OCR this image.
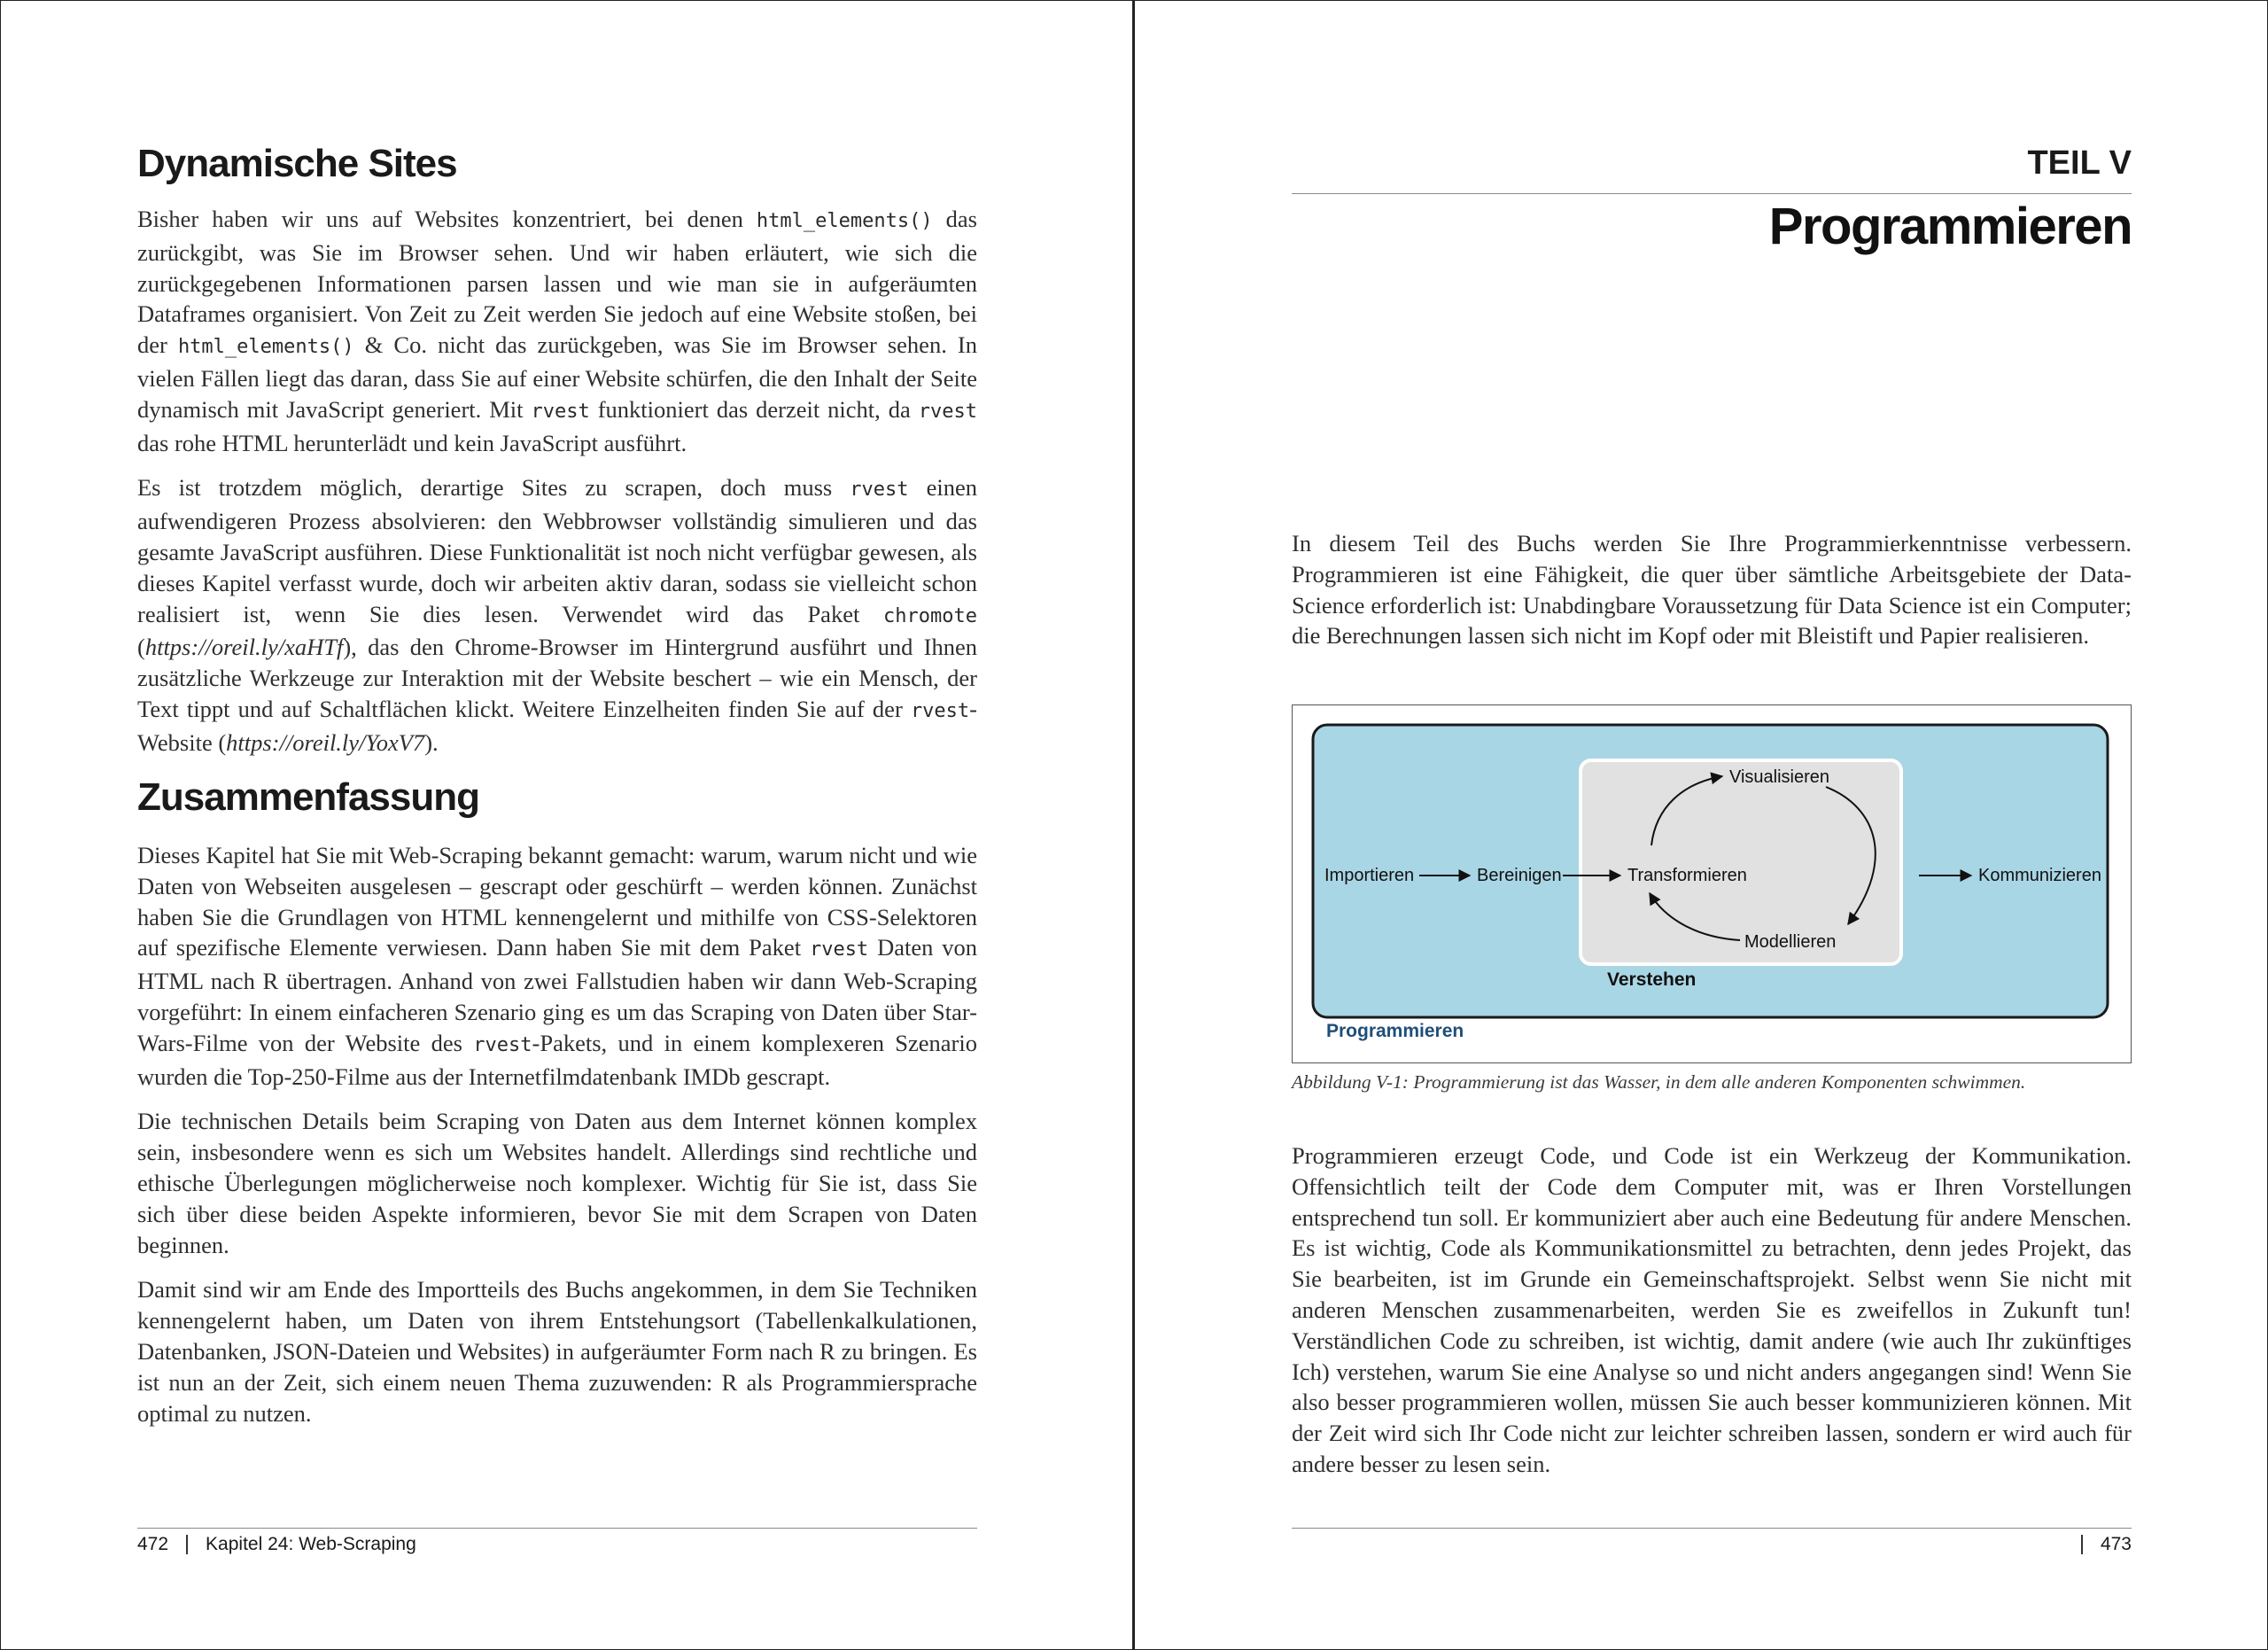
Dynamische Sites

Bisher haben wir uns auf Websites konzentriert, bei denen html_elements() das zurückgibt, was Sie im Browser sehen. Und wir haben erläutert, wie sich die zurückgegebenen Informationen parsen lassen und wie man sie in aufgeräumten Dataframes organisiert. Von Zeit zu Zeit werden Sie jedoch auf eine Website stoßen, bei der html_elements() & Co. nicht das zurückgeben, was Sie im Browser sehen. In vielen Fällen liegt das daran, dass Sie auf einer Website schürfen, die den Inhalt der Seite dynamisch mit JavaScript generiert. Mit rvest funktioniert das derzeit nicht, da rvest das rohe HTML herunterlädt und kein JavaScript ausführt.

Es ist trotzdem möglich, derartige Sites zu scrapen, doch muss rvest einen aufwendigeren Prozess absolvieren: den Webbrowser vollständig simulieren und das gesamte JavaScript ausführen. Diese Funktionalität ist noch nicht verfügbar gewesen, als dieses Kapitel verfasst wurde, doch wir arbeiten aktiv daran, sodass sie vielleicht schon realisiert ist, wenn Sie dies lesen. Verwendet wird das Paket chromote (https://oreil.ly/xaHTf), das den Chrome-Browser im Hintergrund ausführt und Ihnen zusätzliche Werkzeuge zur Interaktion mit der Website beschert – wie ein Mensch, der Text tippt und auf Schaltflächen klickt. Weitere Einzelheiten finden Sie auf der rvest-Website (https://oreil.ly/YoxV7).

Zusammenfassung

Dieses Kapitel hat Sie mit Web-Scraping bekannt gemacht: warum, warum nicht und wie Daten von Webseiten ausgelesen – gescrapt oder geschürft – werden können. Zunächst haben Sie die Grundlagen von HTML kennengelernt und mithilfe von CSS-Selektoren auf spezifische Elemente verwiesen. Dann haben Sie mit dem Paket rvest Daten von HTML nach R übertragen. Anhand von zwei Fallstudien haben wir dann Web-Scraping vorgeführt: In einem einfacheren Szenario ging es um das Scraping von Daten über Star-Wars-Filme von der Website des rvest-Pakets, und in einem komplexeren Szenario wurden die Top-250-Filme aus der Internetfilmdatenbank IMDb gescrapt.

Die technischen Details beim Scraping von Daten aus dem Internet können komplex sein, insbesondere wenn es sich um Websites handelt. Allerdings sind rechtliche und ethische Überlegungen möglicherweise noch komplexer. Wichtig für Sie ist, dass Sie sich über diese beiden Aspekte informieren, bevor Sie mit dem Scrapen von Daten beginnen.

Damit sind wir am Ende des Importteils des Buchs angekommen, in dem Sie Techniken kennengelernt haben, um Daten von ihrem Entstehungsort (Tabellenkalkulationen, Datenbanken, JSON-Dateien und Websites) in aufgeräumter Form nach R zu bringen. Es ist nun an der Zeit, sich einem neuen Thema zuzuwenden: R als Programmiersprache optimal zu nutzen.

472 Kapitel 24: Web-Scraping
TEIL V
Programmieren

In diesem Teil des Buchs werden Sie Ihre Programmierkenntnisse verbessern. Programmieren ist eine Fähigkeit, die quer über sämtliche Arbeitsgebiete der Data-Science erforderlich ist: Unabdingbare Voraussetzung für Data Science ist ein Computer; die Berechnungen lassen sich nicht im Kopf oder mit Bleistift und Papier realisieren.

Importieren	Bereinigen	Transformieren
Visualisieren
Modellieren
Kommunizieren
Verstehen
Programmieren
Abbildung V-1: Programmierung ist das Wasser, in dem alle anderen Komponenten schwimmen.

Programmieren erzeugt Code, und Code ist ein Werkzeug der Kommunikation. Offensichtlich teilt der Code dem Computer mit, was er Ihren Vorstellungen entsprechend tun soll. Er kommuniziert aber auch eine Bedeutung für andere Menschen. Es ist wichtig, Code als Kommunikationsmittel zu betrachten, denn jedes Projekt, das Sie bearbeiten, ist im Grunde ein Gemeinschaftsprojekt. Selbst wenn Sie nicht mit anderen Menschen zusammenarbeiten, werden Sie es zweifellos in Zukunft tun! Verständlichen Code zu schreiben, ist wichtig, damit andere (wie auch Ihr zukünftiges Ich) verstehen, warum Sie eine Analyse so und nicht anders angegangen sind! Wenn Sie also besser programmieren wollen, müssen Sie auch besser kommunizieren können. Mit der Zeit wird sich Ihr Code nicht zur leichter schreiben lassen, sondern er wird auch für andere besser zu lesen sein.

473
